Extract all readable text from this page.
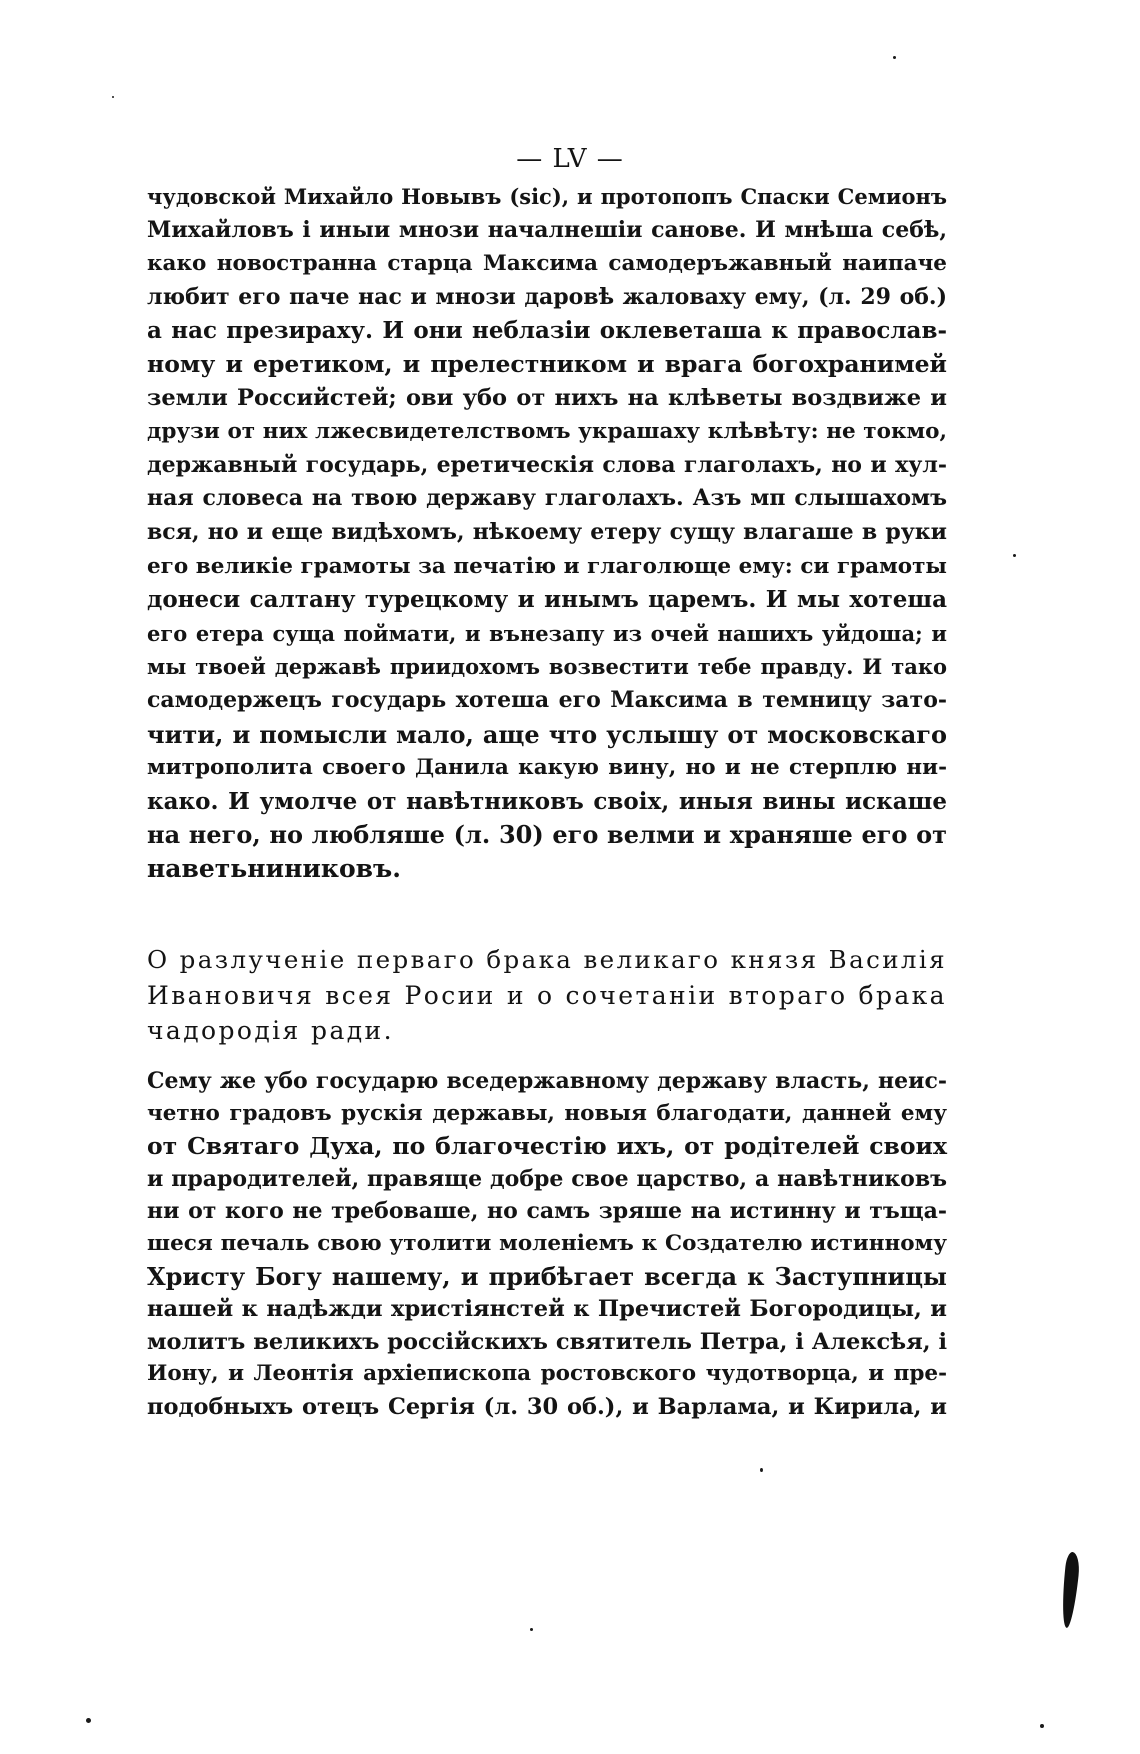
— LV —
чудовской Михайло Новывъ (sic), и протопопъ Спаски Семионъ
Михайловъ і иныи мнози началнешіи санове. И мнѣша себѣ,
како новостранна старца Максима самодеръжавный наипаче
любит его паче нас и мнози даровѣ жаловаху ему, (л. 29 об.)
а нас презираху. И они неблазіи оклеветаша к православ-
ному и еретиком, и прелестником и врага богохранимей
земли Российстей; ови убо от нихъ на клѣветы воздвиже и
друзи от них лжесвидетелствомъ украшаху клѣвѣту: не токмо,
державный государь, еретическія слова глаголахъ, но и хул-
ная словеса на твою державу глаголахъ. Азъ мп слышахомъ
вся, но и еще видѣхомъ, нѣкоему етеру сущу влагаше в руки
его великіе грамоты за печатію и глаголюще ему: си грамоты
донеси салтану турецкому и инымъ царемъ. И мы хотеша
его етера суща поймати, и вънезапу из очей нашихъ уйдоша; и
мы твоей державѣ приидохомъ возвестити тебе правду. И тако
самодержецъ государь хотеша его Максима в темницу зато-
чити, и помысли мало, аще что услышу от московскаго
митрополита своего Данила какую вину, но и не стерплю ни-
како. И умолче от навѣтниковъ своіх, иныя вины искаше
на него, но любляше (л. 30) его велми и храняше его от
наветьниниковъ.
О разлученіе перваго брака великаго князя Василія
Ивановичя всея Росии и о сочетаніи втораго брака
чадородія ради.
Сему же убо государю вседержавному державу власть, неис-
четно градовъ рускія державы, новыя благодати, данней ему
от Святаго Духа, по благочестію ихъ, от родітелей своих
и прародителей, правяще добре свое царство, а навѣтниковъ
ни от кого не требоваше, но самъ зряше на истинну и тъща-
шеся печаль свою утолити моленіемъ к Создателю истинному
Христу Богу нашему, и прибѣгает всегда к Заступницы
нашей к надѣжди христіянстей к Пречистей Богородицы, и
молитъ великихъ россійскихъ святитель Петра, і Алексѣя, і
Иону, и Леонтія архіепископа ростовского чудотворца, и пре-
подобныхъ отецъ Сергія (л. 30 об.), и Варлама, и Кирила, и
